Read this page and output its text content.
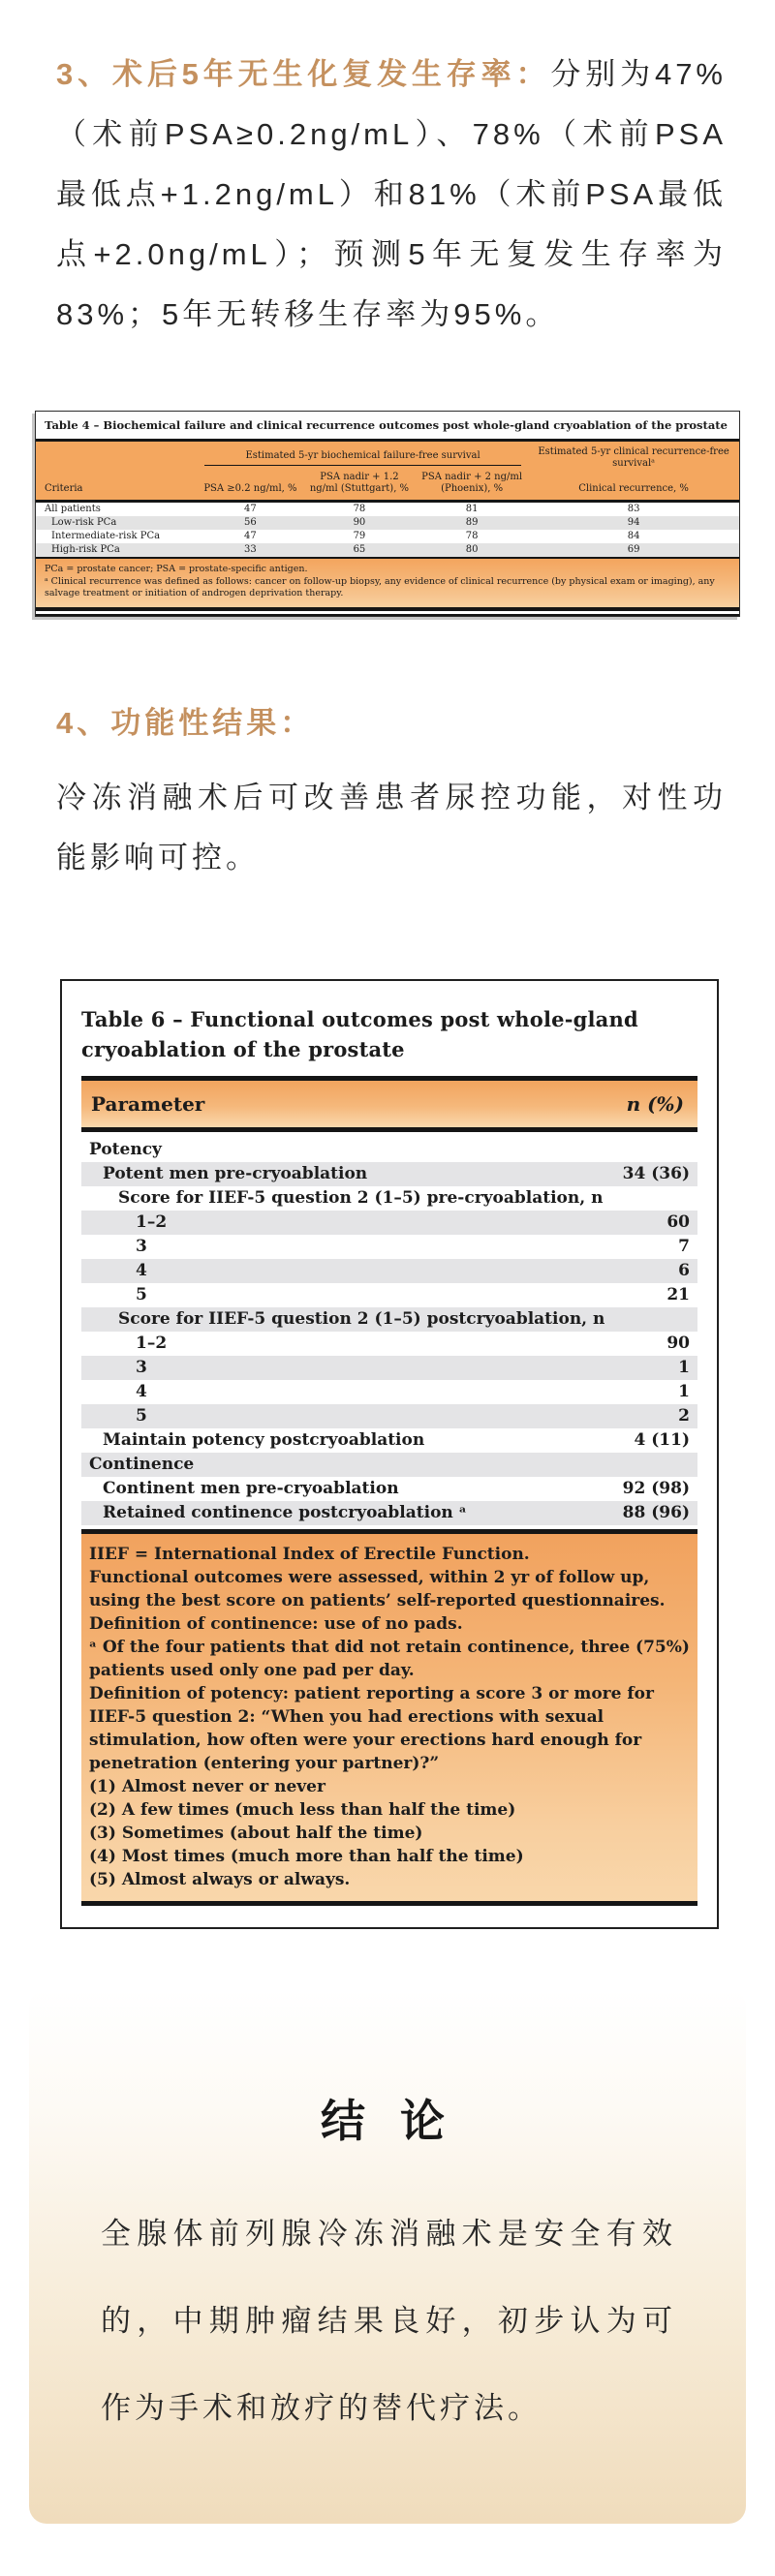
3、术后5年无生化复发生存率：分别为47%（术前PSA≥0.2ng/mL）、78%（术前PSA最低点+1.2ng/mL）和81%（术前PSA最低点+2.0ng/mL）；预测5年无复发生存率为83%；5年无转移生存率为95%。
Table 4 – Biochemical failure and clinical recurrence outcomes post whole-gland cryoablation of the prostate

	Estimated 5-yr biochemical failure-free survival			Estimated 5-yr clinical recurrence-free survivalᵃ
Criteria	PSA ≥0.2 ng/ml, %	PSA nadir + 1.2 ng/ml (Stuttgart), %	PSA nadir + 2 ng/ml (Phoenix), %	Clinical recurrence, %
All patients	47	78	81	83
Low-risk PCa	56	90	89	94
Intermediate-risk PCa	47	79	78	84
High-risk PCa	33	65	80	69
PCa = prostate cancer; PSA = prostate-specific antigen.
ᵃ Clinical recurrence was defined as follows: cancer on follow-up biopsy, any evidence of clinical recurrence (by physical exam or imaging), any salvage treatment or initiation of androgen deprivation therapy.
4、功能性结果：
冷冻消融术后可改善患者尿控功能，对性功能影响可控。
Table 6 – Functional outcomes post whole-gland cryoablation of the prostate
Parameter	n (%)
Potency
Potent men pre-cryoablation	34 (36)
Score for IIEF-5 question 2 (1–5) pre-cryoablation, n
1–2	60
3	7
4	6
5	21
Score for IIEF-5 question 2 (1–5) postcryoablation, n
1–2	90
3	1
4	1
5	2
Maintain potency postcryoablation	4 (11)
Continence
Continent men pre-cryoablation	92 (98)
Retained continence postcryoablation ᵃ	88 (96)
IIEF = International Index of Erectile Function.
Functional outcomes were assessed, within 2 yr of follow up, using the best score on patients’ self-reported questionnaires.
Definition of continence: use of no pads.
ᵃ Of the four patients that did not retain continence, three (75%) patients used only one pad per day.
Definition of potency: patient reporting a score 3 or more for IIEF-5 question 2: “When you had erections with sexual stimulation, how often were your erections hard enough for penetration (entering your partner)?”
(1) Almost never or never
(2) A few times (much less than half the time)
(3) Sometimes (about half the time)
(4) Most times (much more than half the time)
(5) Almost always or always.
结 论
全腺体前列腺冷冻消融术是安全有效的，中期肿瘤结果良好，初步认为可作为手术和放疗的替代疗法。
